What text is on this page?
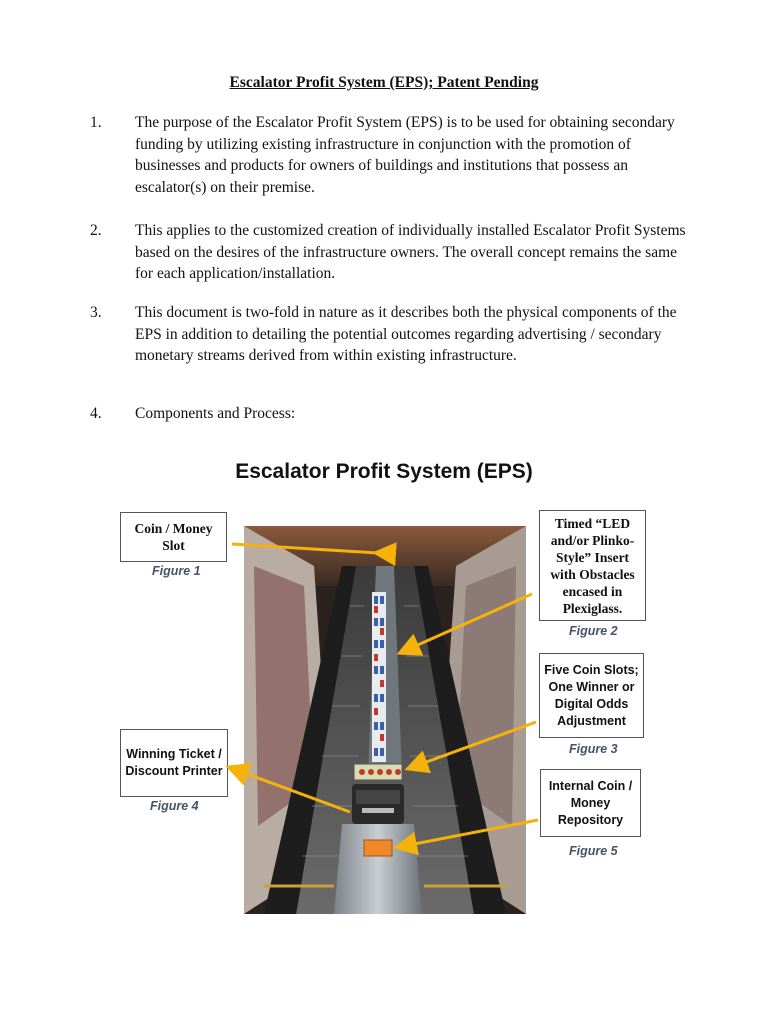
Escalator Profit System (EPS); Patent Pending
1. The purpose of the Escalator Profit System (EPS) is to be used for obtaining secondary funding by utilizing existing infrastructure in conjunction with the promotion of businesses and products for owners of buildings and institutions that possess an escalator(s) on their premise.
2. This applies to the customized creation of individually installed Escalator Profit Systems based on the desires of the infrastructure owners. The overall concept remains the same for each application/installation.
3. This document is two-fold in nature as it describes both the physical components of the EPS in addition to detailing the potential outcomes regarding advertising / secondary monetary streams derived from within existing infrastructure.
4. Components and Process:
Escalator Profit System (EPS)
Coin / Money Slot
Figure 1
Timed “LED and/or Plinko-Style” Insert with Obstacles encased in Plexiglass.
Figure 2
Five Coin Slots; One Winner or Digital Odds Adjustment
Figure 3
Winning Ticket / Discount Printer
Figure 4
Internal Coin / Money Repository
Figure 5
